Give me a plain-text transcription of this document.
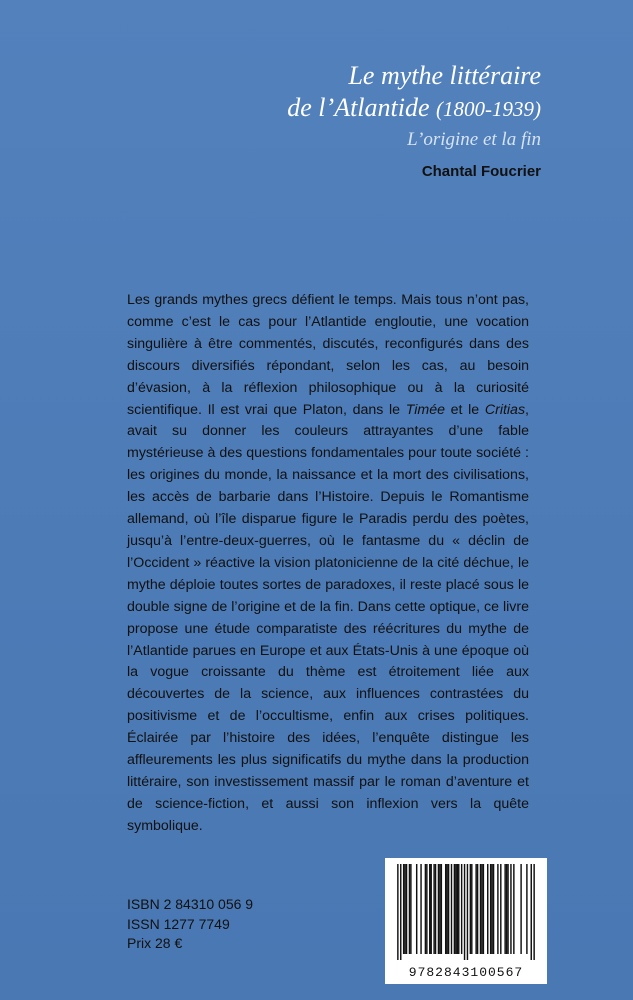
Le mythe littéraire
de l’Atlantide (1800-1939)
L’origine et la fin
Chantal Foucrier

Les grands mythes grecs défient le temps. Mais tous n’ont pas, comme c’est le cas pour l’Atlantide engloutie, une vocation singulière à être commentés, discutés, reconfigurés dans des discours diversifiés répondant, selon les cas, au besoin d’évasion, à la réflexion philosophique ou à la curiosité scientifique. Il est vrai que Platon, dans le Timée et le Critias, avait su donner les couleurs attrayantes d’une fable mystérieuse à des questions fondamentales pour toute société : les origines du monde, la naissance et la mort des civilisations, les accès de barbarie dans l’Histoire. Depuis le Romantisme allemand, où l’île disparue figure le Paradis perdu des poètes, jusqu’à l’entre-deux-guerres, où le fantasme du « déclin de l’Occident » réactive la vision platonicienne de la cité déchue, le mythe déploie toutes sortes de paradoxes, il reste placé sous le double signe de l’origine et de la fin. Dans cette optique, ce livre propose une étude comparatiste des réécritures du mythe de l’Atlantide parues en Europe et aux États-Unis à une époque où la vogue croissante du thème est étroitement liée aux découvertes de la science, aux influences contrastées du positivisme et de l’occultisme, enfin aux crises politiques. Éclairée par l’histoire des idées, l’enquête distingue les affleurements les plus significatifs du mythe dans la production littéraire, son investissement massif par le roman d’aventure et de science-fiction, et aussi son inflexion vers la quête symbolique.

ISBN 2 84310 056 9
ISSN 1277 7749
Prix 28 €
9782843100567
